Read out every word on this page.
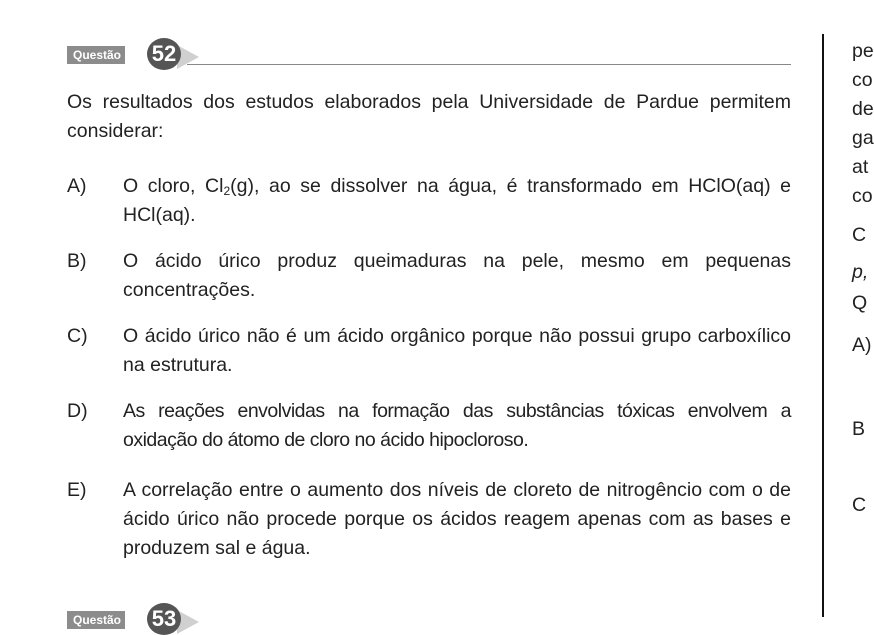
Questão 52
Os resultados dos estudos elaborados pela Universidade de Pardue permitem considerar:
A) O cloro, $Cl_2(g)$, ao se dissolver na água, é transformado em HClO(aq) e HCl(aq).
B) O ácido úrico produz queimaduras na pele, mesmo em pequenas concentrações.
C) O ácido úrico não é um ácido orgânico porque não possui grupo carboxílico na estrutura.
D) As reações envolvidas na formação das substâncias tóxicas envolvem a oxidação do átomo de cloro no ácido hipocloroso.
E) A correlação entre o aumento dos níveis de cloreto de nitrogêncio com o de ácido úrico não procede porque os ácidos reagem apenas com as bases e produzem sal e água.
Questão 53
pe
co
de
ga
at
co
C
p,
Q
A)
B
C
